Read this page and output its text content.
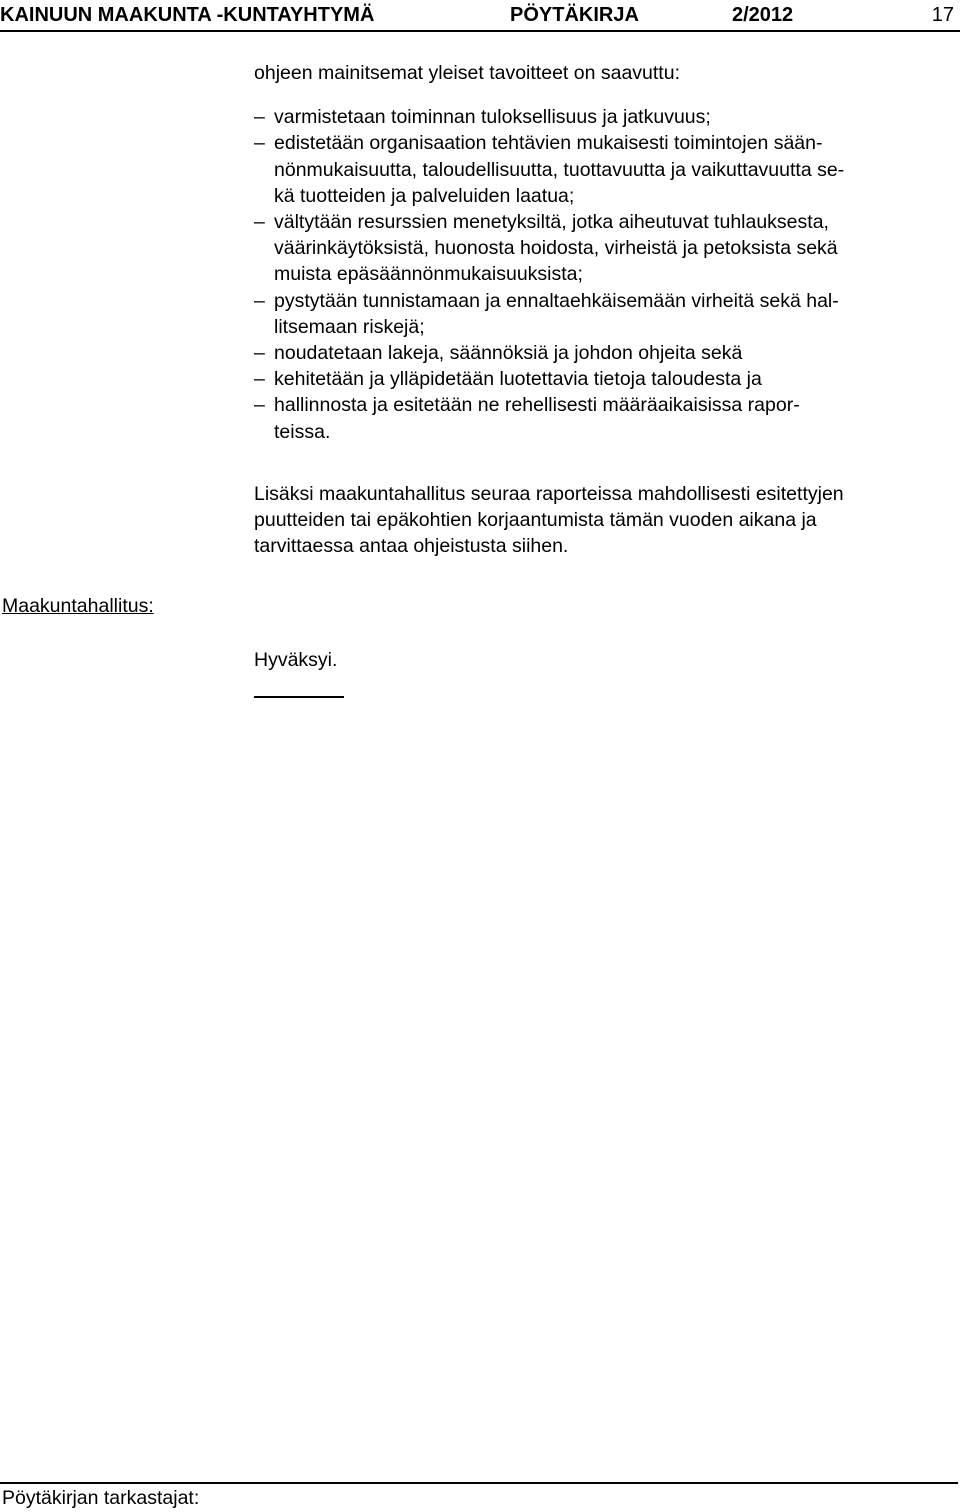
KAINUUN MAAKUNTA -KUNTAYHTYMÄ	PÖYTÄKIRJA	2/2012	17

ohjeen mainitsemat yleiset tavoitteet on saavuttu:

– varmistetaan toiminnan tuloksellisuus ja jatkuvuus;
– edistetään organisaation tehtävien mukaisesti toimintojen sään-
nönmukaisuutta, taloudellisuutta, tuottavuutta ja vaikuttavuutta se-
kä tuotteiden ja palveluiden laatua;
– vältytään resurssien menetyksiltä, jotka aiheutuvat tuhlauksesta,
väärinkäytöksistä, huonosta hoidosta, virheistä ja petoksista sekä
muista epäsäännönmukaisuuksista;
– pystytään tunnistamaan ja ennaltaehkäisemään virheitä sekä hal-
litsemaan riskejä;
– noudatetaan lakeja, säännöksiä ja johdon ohjeita sekä
– kehitetään ja ylläpidetään luotettavia tietoja taloudesta ja
– hallinnosta ja esitetään ne rehellisesti määräaikaisissa rapor-
teissa.

Lisäksi maakuntahallitus seuraa raporteissa mahdollisesti esitettyjen
puutteiden tai epäkohtien korjaantumista tämän vuoden aikana ja
tarvittaessa antaa ohjeistusta siihen.

Maakuntahallitus:
Hyväksyi.
Pöytäkirjan tarkastajat:
